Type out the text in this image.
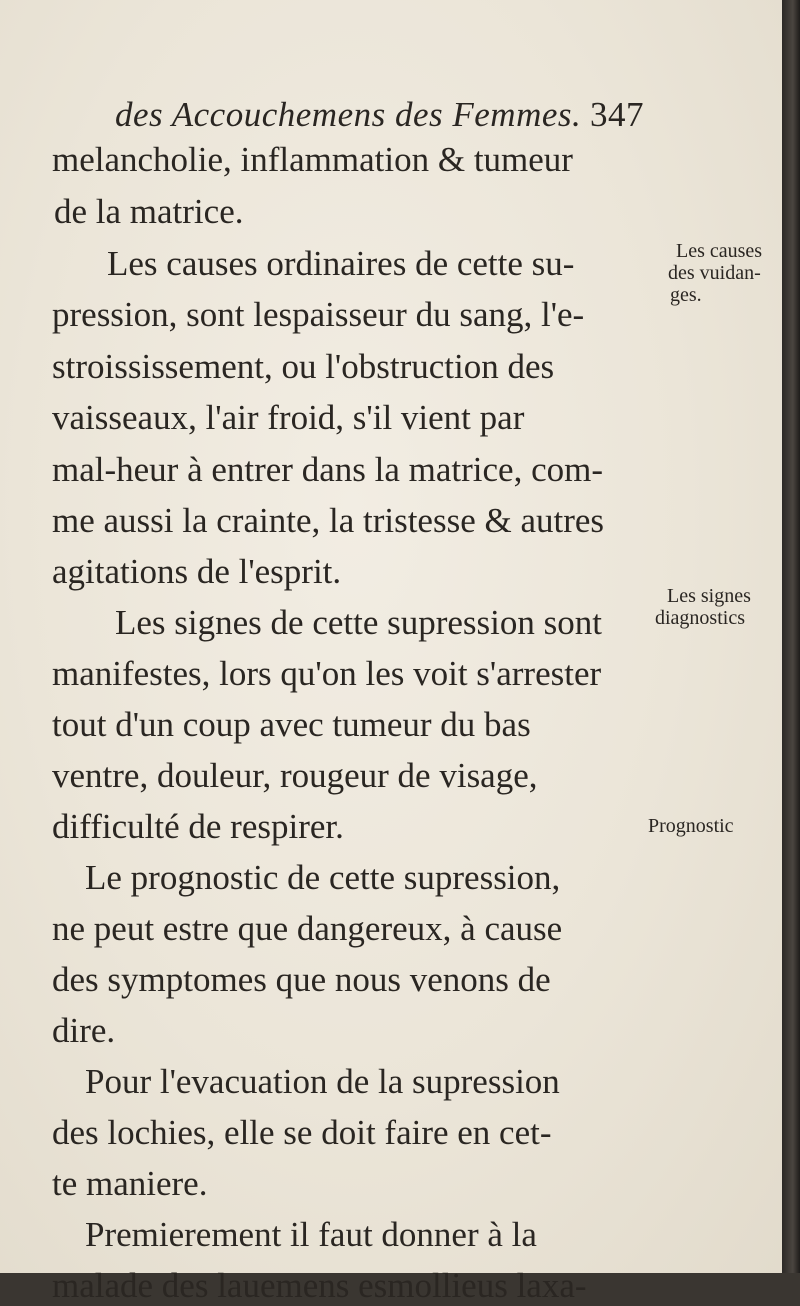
des Accouchemens des Femmes. 347
melancholie, inflammation & tumeur
de la matrice.
Les causes ordinaires de cette su-
pression, sont lespaisseur du sang, l'e-
stroississement, ou l'obstruction des
vaisseaux, l'air froid, s'il vient par
mal-heur à entrer dans la matrice, com-
me aussi la crainte, la tristesse & autres
agitations de l'esprit.
Les signes de cette supression sont
manifestes, lors qu'on les voit s'arrester
tout d'un coup avec tumeur du bas
ventre, douleur, rougeur de visage,
difficulté de respirer.
Le prognostic de cette supression,
ne peut estre que dangereux, à cause
des symptomes que nous venons de
dire.
Pour l'evacuation de la supression
des lochies, elle se doit faire en cet-
te maniere.
Premierement il faut donner à la
malade des lauemens esmollieus laxa-
Les causes
des vuidan-
ges.
Les signes
diagnostics
Prognostic
